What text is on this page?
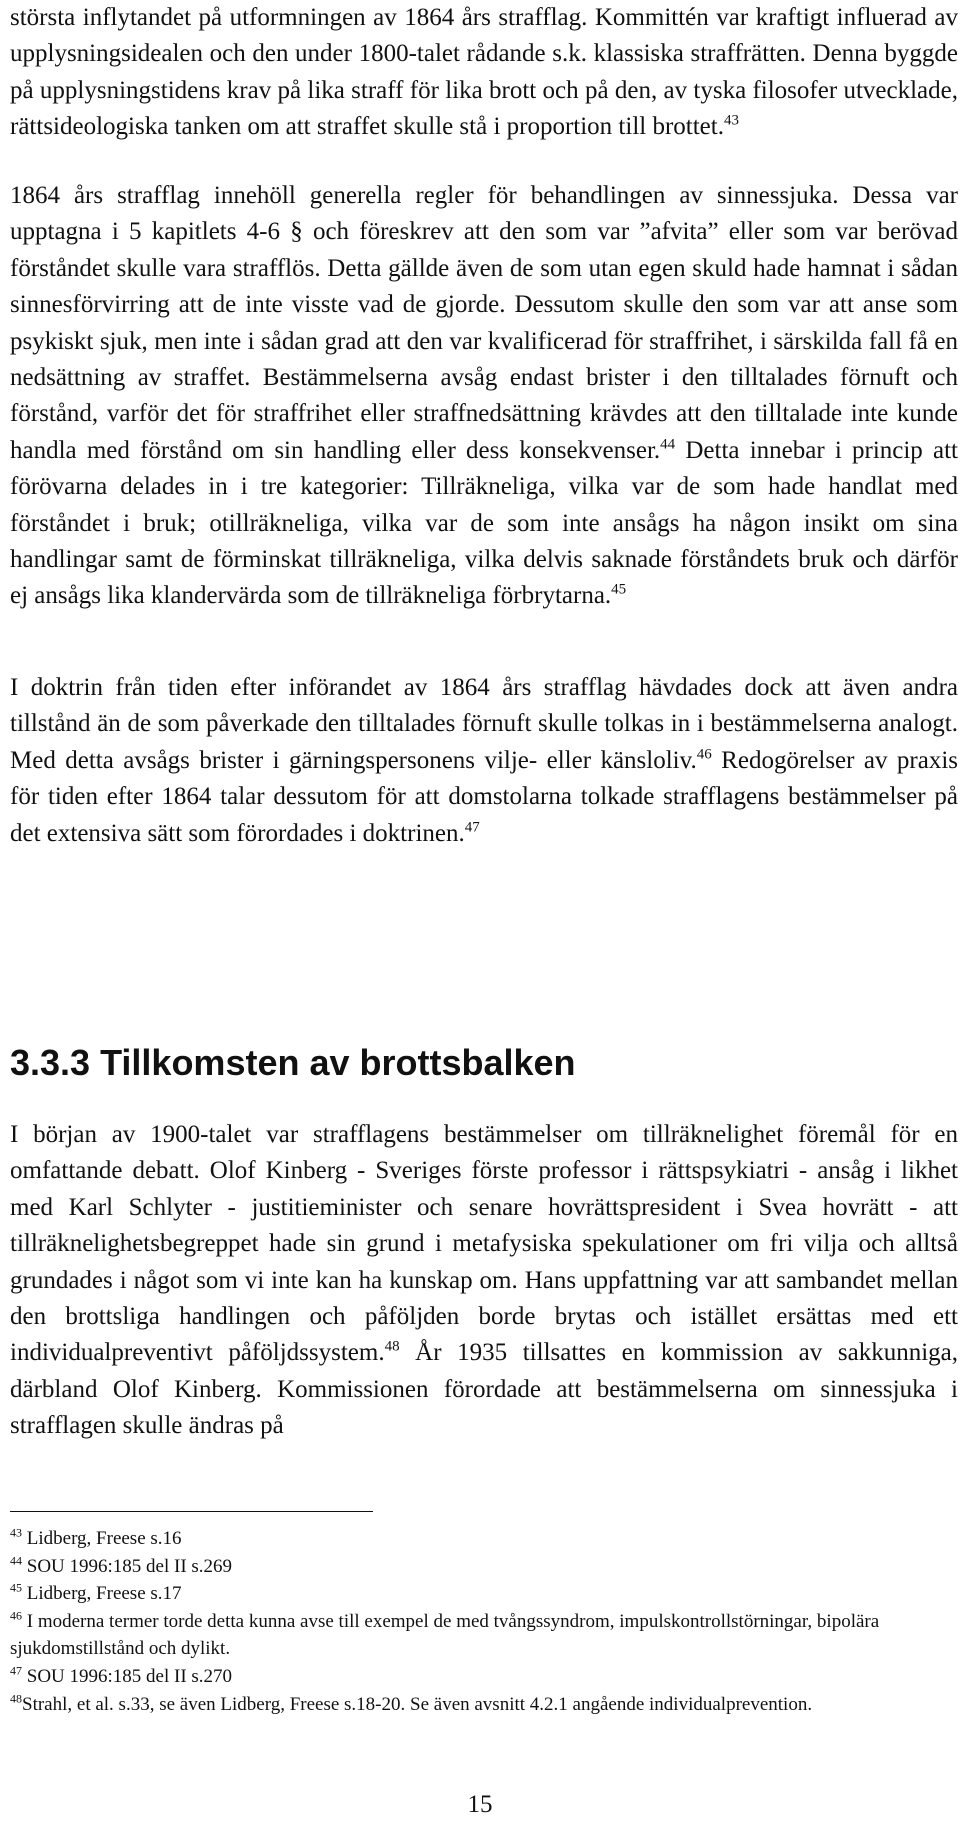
största inflytandet på utformningen av 1864 års strafflag. Kommittén var kraftigt influerad av upplysningsidealen och den under 1800-talet rådande s.k. klassiska straffrätten. Denna byggde på upplysningstidens krav på lika straff för lika brott och på den, av tyska filosofer utvecklade, rättsideologiska tanken om att straffet skulle stå i proportion till brottet.$^{43}$

1864 års strafflag innehöll generella regler för behandlingen av sinnessjuka. Dessa var upptagna i 5 kapitlets 4-6 § och föreskrev att den som var ”afvita” eller som var berövad förståndet skulle vara strafflös. Detta gällde även de som utan egen skuld hade hamnat i sådan sinnesförvirring att de inte visste vad de gjorde. Dessutom skulle den som var att anse som psykiskt sjuk, men inte i sådan grad att den var kvalificerad för straffrihet, i särskilda fall få en nedsättning av straffet. Bestämmelserna avsåg endast brister i den tilltalades förnuft och förstånd, varför det för straffrihet eller straffnedsättning krävdes att den tilltalade inte kunde handla med förstånd om sin handling eller dess konsekvenser.$^{44}$ Detta innebar i princip att förövarna delades in i tre kategorier: Tillräkneliga, vilka var de som hade handlat med förståndet i bruk; otillräkneliga, vilka var de som inte ansågs ha någon insikt om sina handlingar samt de förminskat tillräkneliga, vilka delvis saknade förståndets bruk och därför ej ansågs lika klandervärda som de tillräkneliga förbrytarna.$^{45}$

I doktrin från tiden efter införandet av 1864 års strafflag hävdades dock att även andra tillstånd än de som påverkade den tilltalades förnuft skulle tolkas in i bestämmelserna analogt. Med detta avsågs brister i gärningspersonens vilje- eller känsloliv.$^{46}$ Redogörelser av praxis för tiden efter 1864 talar dessutom för att domstolarna tolkade strafflagens bestämmelser på det extensiva sätt som förordades i doktrinen.$^{47}$

3.3.3 Tillkomsten av brottsbalken

I början av 1900-talet var strafflagens bestämmelser om tillräknelighet föremål för en omfattande debatt. Olof Kinberg - Sveriges förste professor i rättspsykiatri - ansåg i likhet med Karl Schlyter - justitieminister och senare hovrättspresident i Svea hovrätt - att tillräknelighetsbegreppet hade sin grund i metafysiska spekulationer om fri vilja och alltså grundades i något som vi inte kan ha kunskap om. Hans uppfattning var att sambandet mellan den brottsliga handlingen och påföljden borde brytas och istället ersättas med ett individualpreventivt påföljdssystem.$^{48}$ År 1935 tillsattes en kommission av sakkunniga, därbland Olof Kinberg. Kommissionen förordade att bestämmelserna om sinnessjuka i strafflagen skulle ändras på

$^{43}$ Lidberg, Freese s.16

$^{44}$ SOU 1996:185 del II s.269

$^{45}$ Lidberg, Freese s.17

$^{46}$ I moderna termer torde detta kunna avse till exempel de med tvångssyndrom, impulskontrollstörningar, bipolära sjukdomstillstånd och dylikt.

$^{47}$ SOU 1996:185 del II s.270

$^{48}$Strahl, et al. s.33, se även Lidberg, Freese s.18-20. Se även avsnitt 4.2.1 angående individualprevention.

15
